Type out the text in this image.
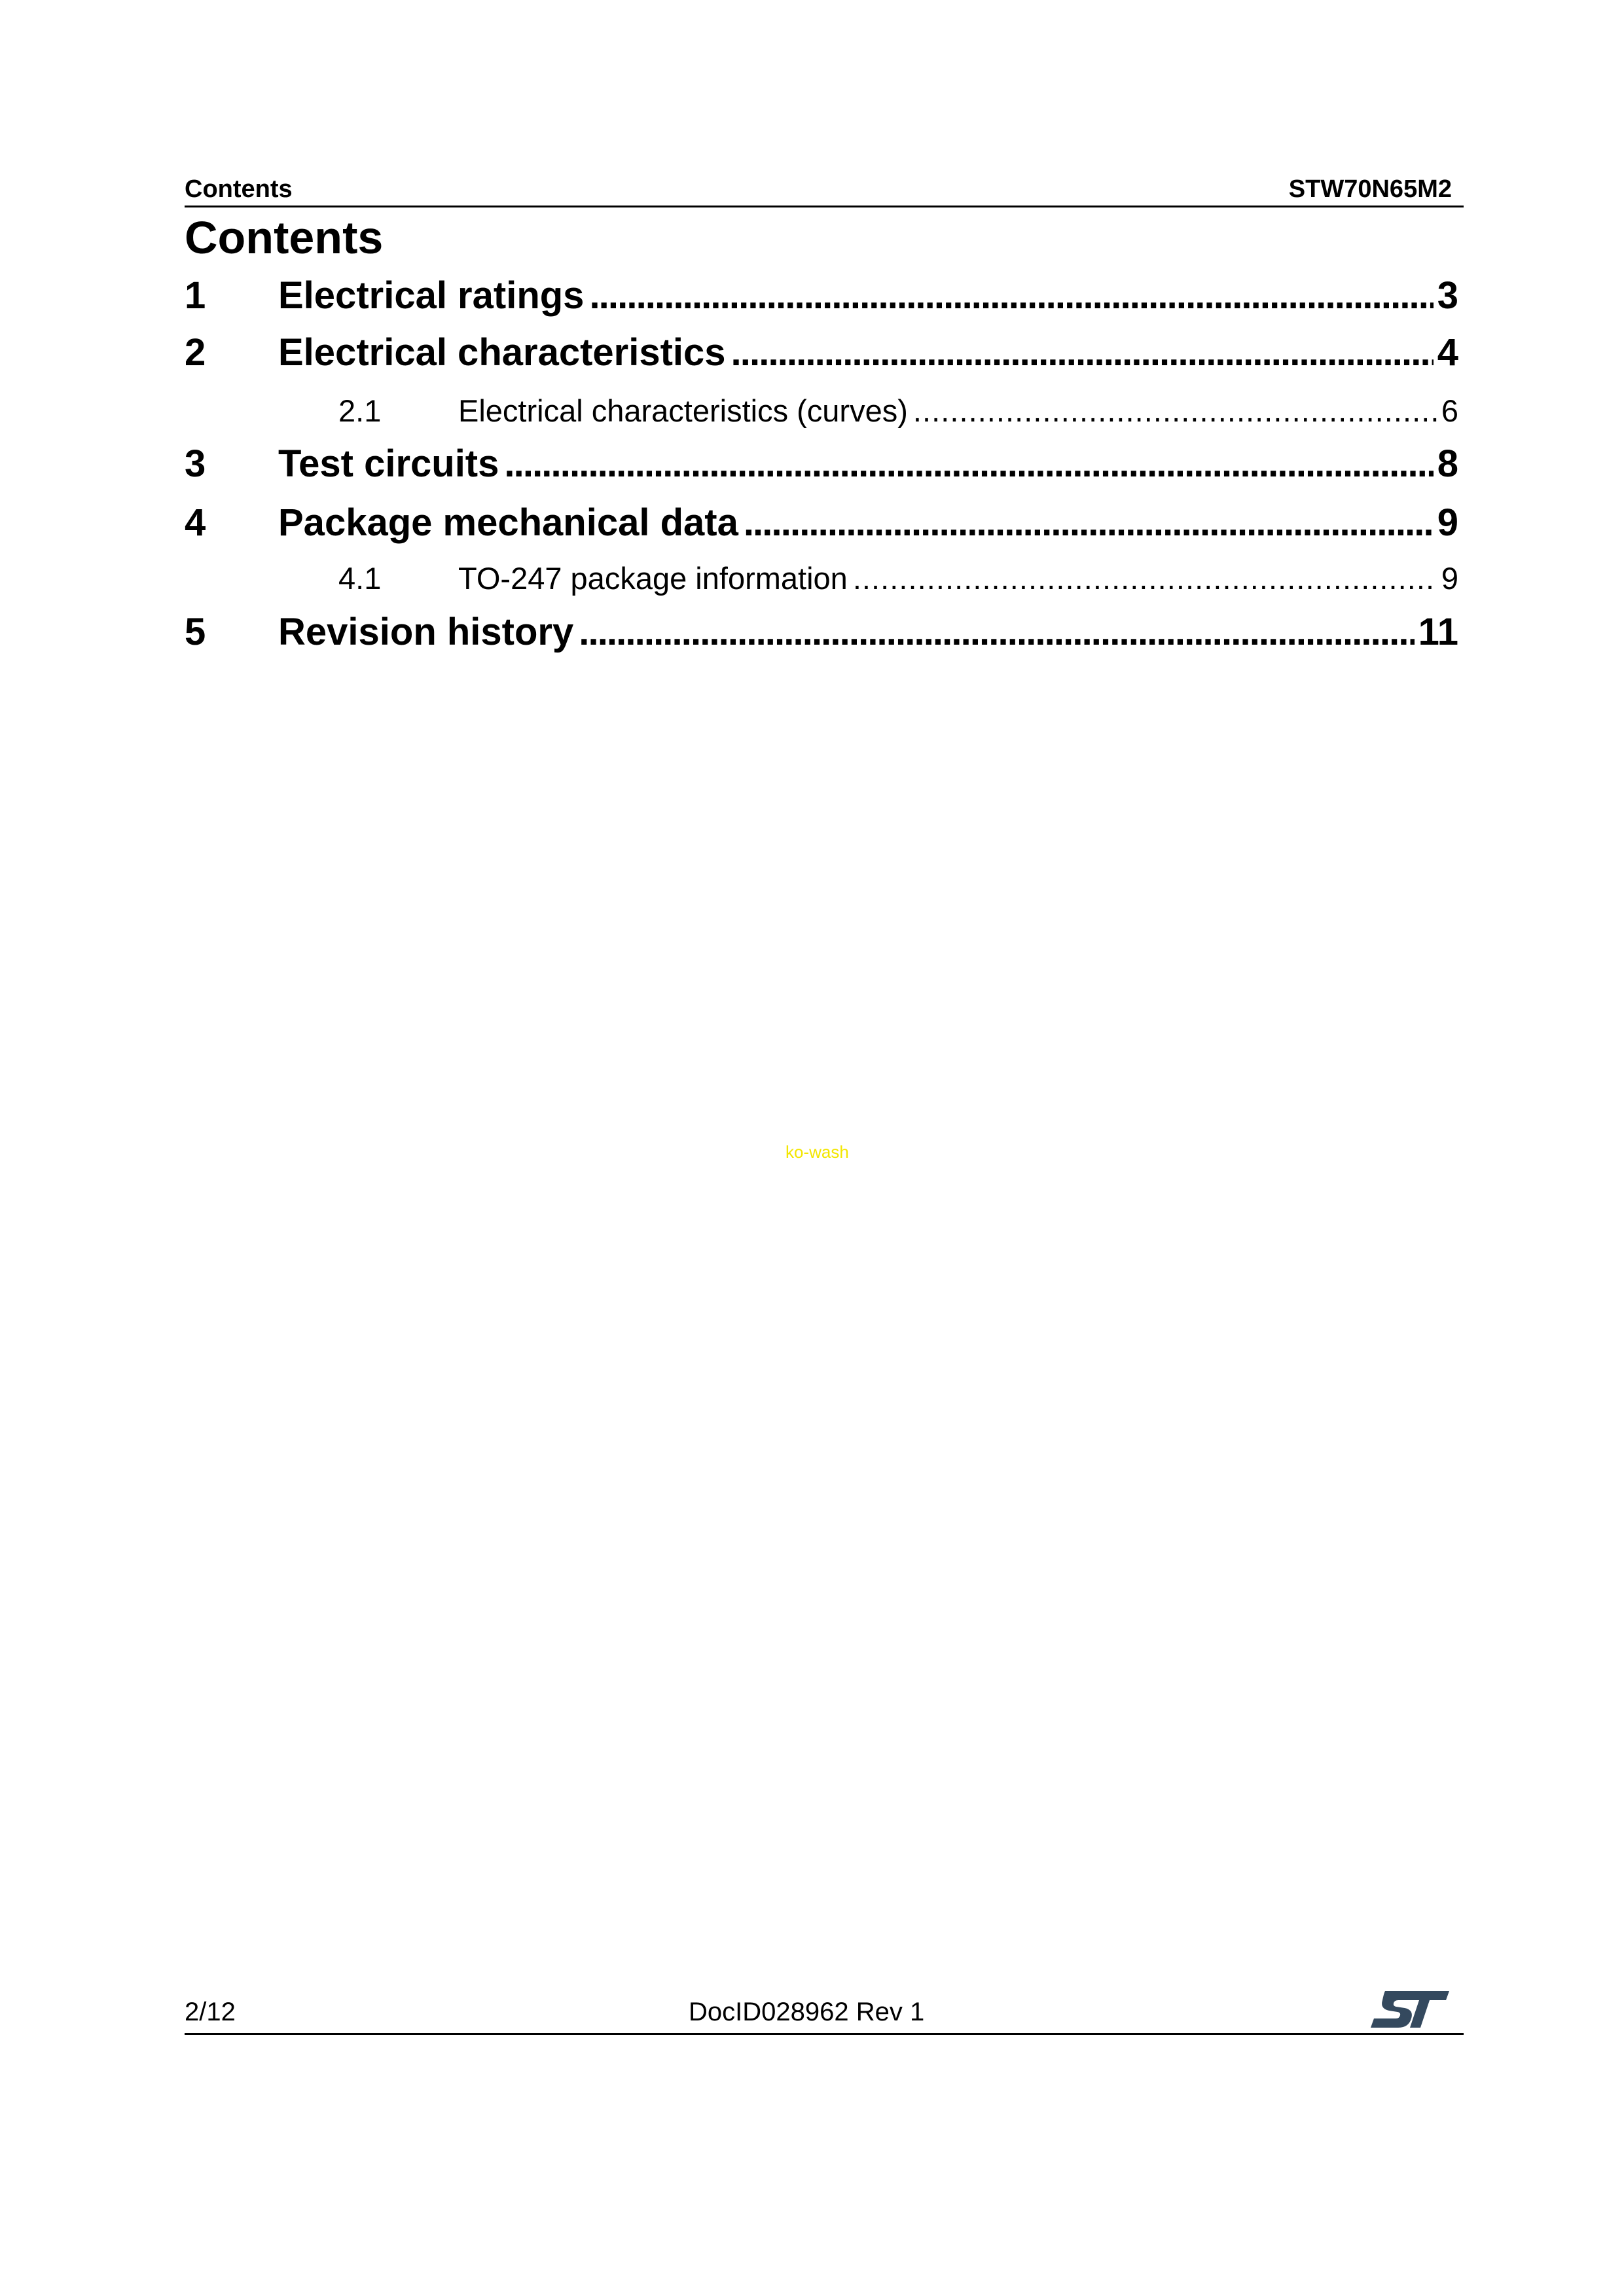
Contents	STW70N65M2
Contents
1	Electrical ratings . . .	3
2	Electrical characteristics . . .	4
2.1	Electrical characteristics (curves) . . .	6
3	Test circuits . . .	8
4	Package mechanical data . . .	9
4.1	TO-247 package information . . .	9
5	Revision history . . .	11
ko-wash
2/12	DocID028962 Rev 1
